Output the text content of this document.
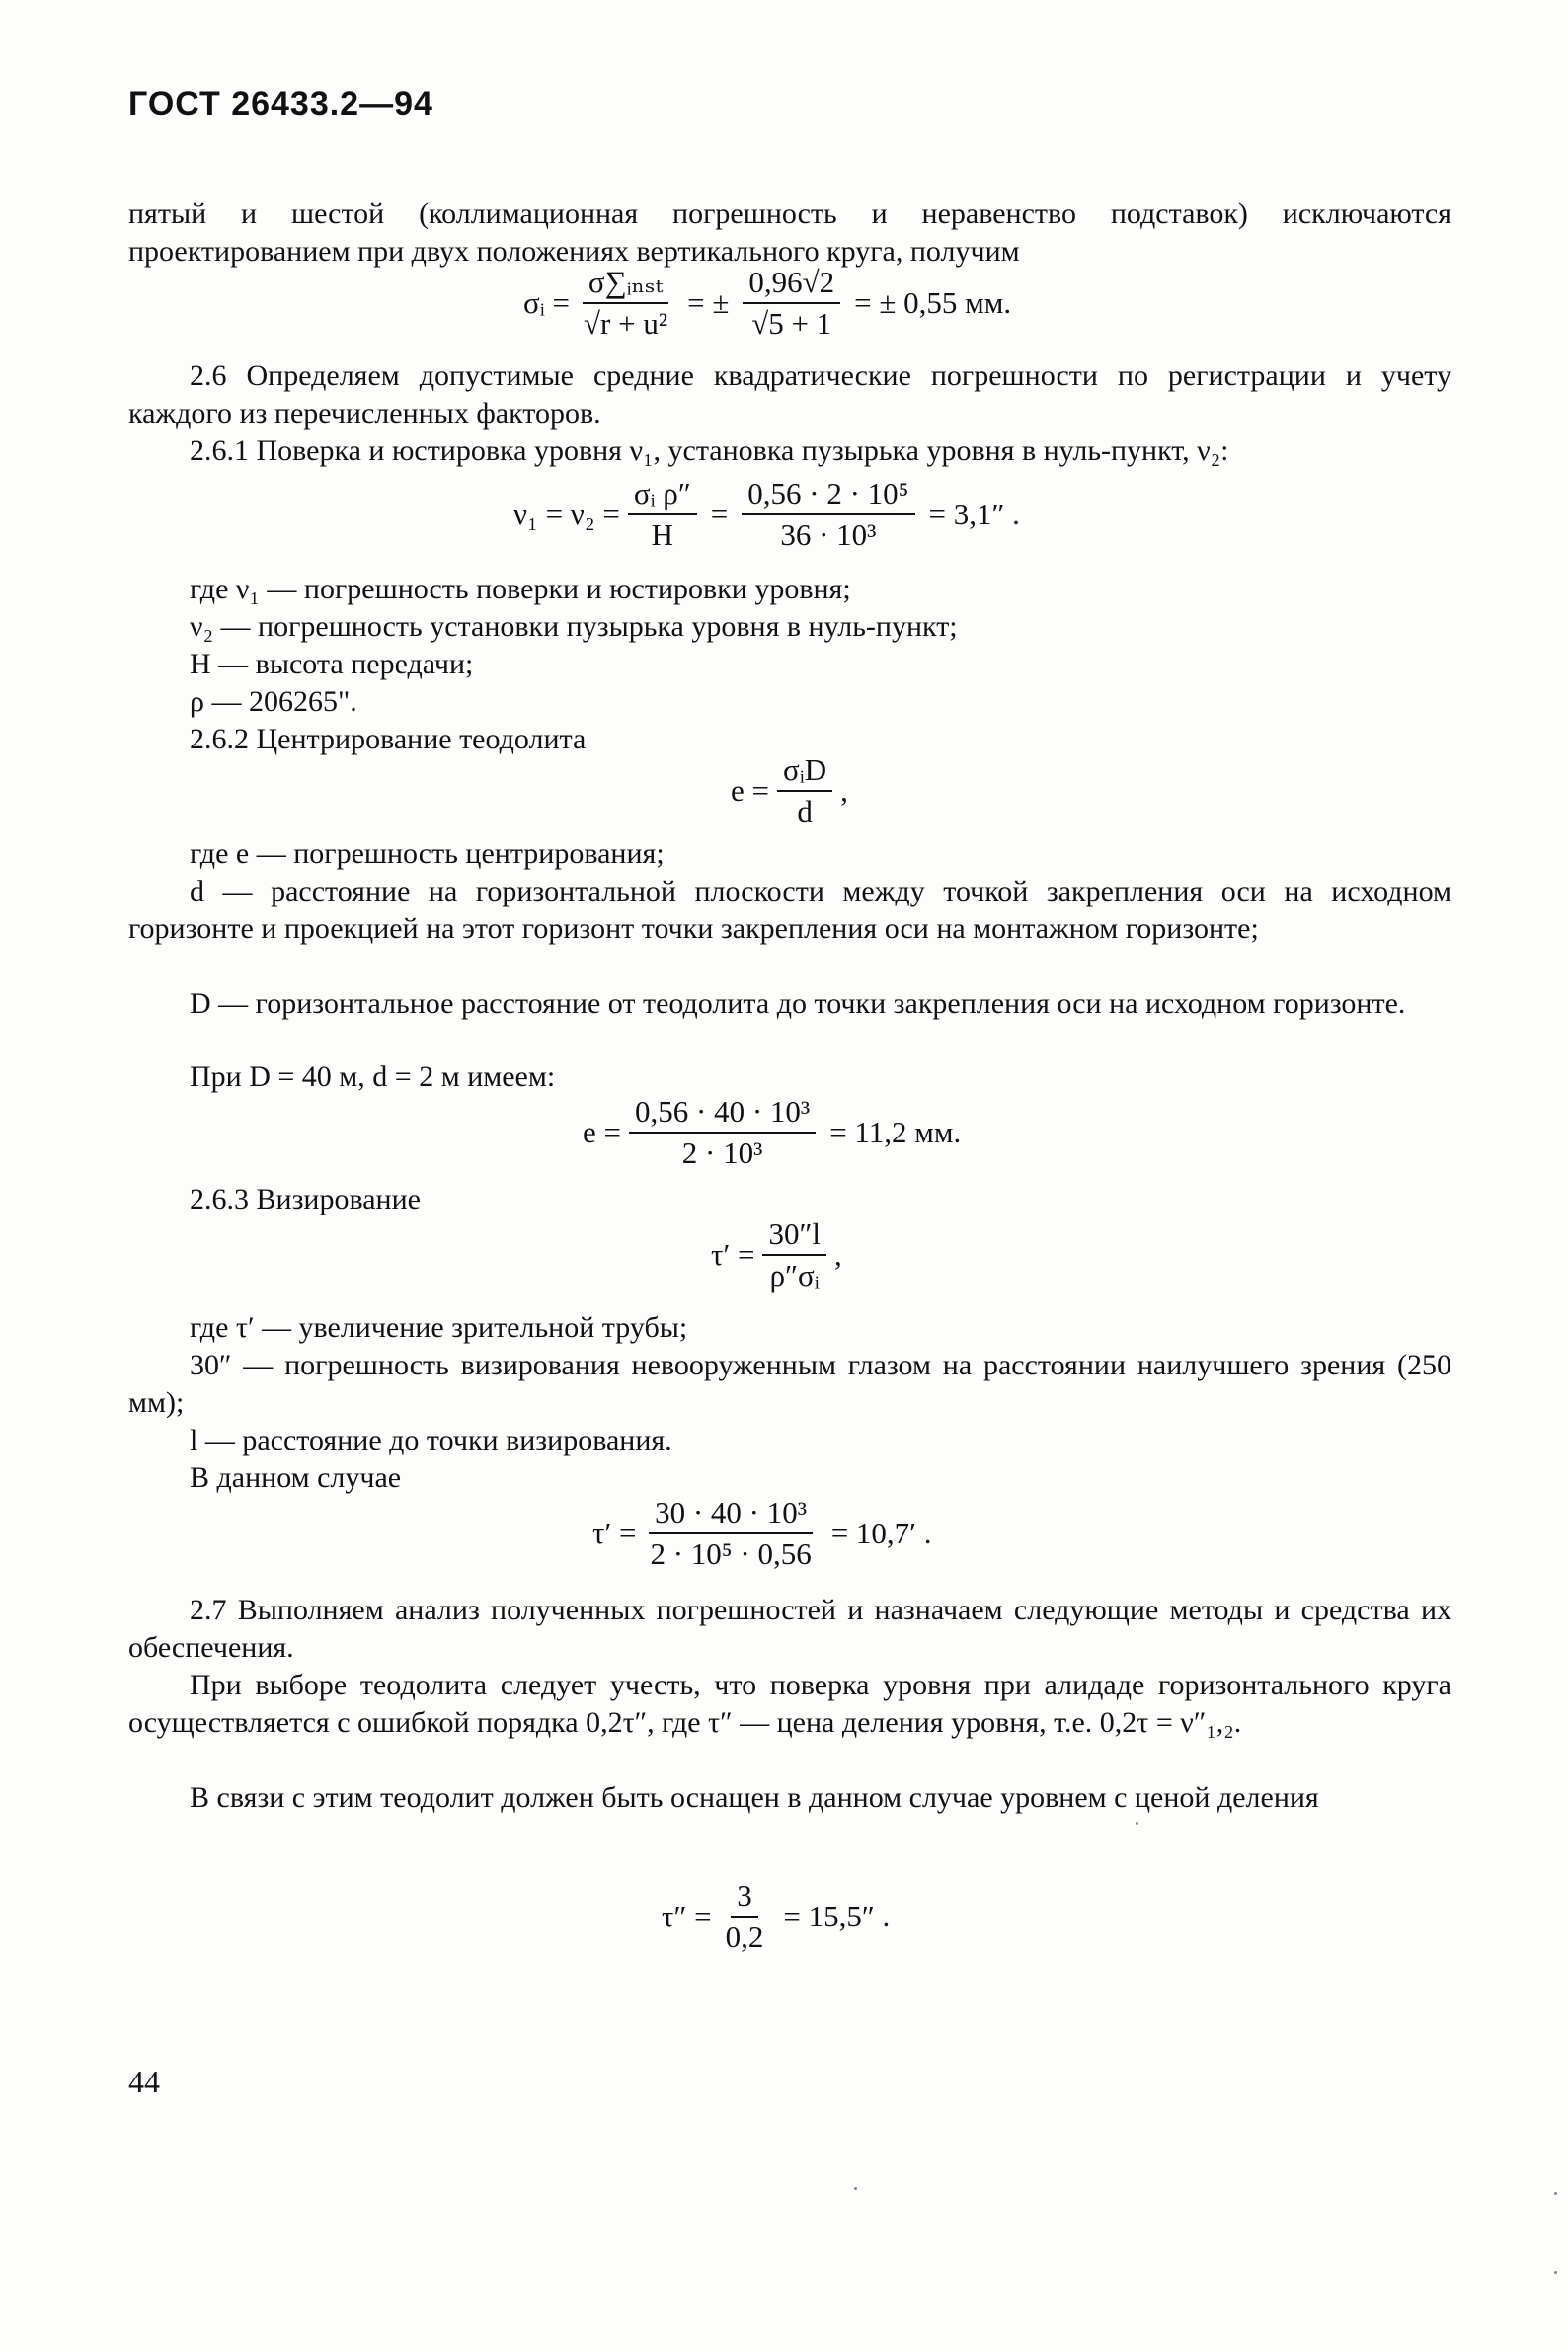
ГОСТ 26433.2—94
пятый и шестой (коллимационная погрешность и неравенство подставок) исключаются проектированием при двух положениях вертикального круга, получим
σᵢ = $\frac{\text{σ∑ᵢₙₛₜ}}{\text{√r + u²}}$ = ± $\frac{0,96√2}{√5 + 1}$ = ± 0,55 мм.
2.6 Определяем допустимые средние квадратические погрешности по регистрации и учету каждого из перечисленных факторов.
2.6.1 Поверка и юстировка уровня ν₁, установка пузырька уровня в нуль-пункт, ν₂:
$\nu_1 = \nu_2 = \frac{\text{σᵢ ρ″}}{H} = \frac{\text{0,56 · 2 · 10⁵}}{\text{36 · 10³}} = 3,1''$ .
где ν₁ — погрешность поверки и юстировки уровня;
ν₂ — погрешность установки пузырька уровня в нуль-пункт;
H — высота передачи;
ρ — 206265".
2.6.2 Центрирование теодолита
$e = \frac{\text{σᵢD}}{d}$ ,
где e — погрешность центрирования;
d — расстояние на горизонтальной плоскости между точкой закрепления оси на исходном горизонте и проекцией на этот горизонт точки закрепления оси на монтажном горизонте;
D — горизонтальное расстояние от теодолита до точки закрепления оси на исходном горизонте.
При D = 40 м, d = 2 м имеем:
$e = \frac{\text{0,56 · 40 · 10³}}{\text{2 · 10³}} = 11,2$ мм.
2.6.3 Визирование
$\tau' = \frac{30''l}{\text{ρ″σᵢ}}$ ,
где τ′ — увеличение зрительной трубы;
30″ — погрешность визирования невооруженным глазом на расстоянии наилучшего зрения (250 мм);
l — расстояние до точки визирования.
В данном случае
$\tau' = \frac{\text{30 · 40 · 10³}}{\text{2 · 10⁵ · 0,56}} = 10,7'$ .
2.7 Выполняем анализ полученных погрешностей и назначаем следующие методы и средства их обеспечения.
При выборе теодолита следует учесть, что поверка уровня при алидаде горизонтального круга осуществляется с ошибкой порядка 0,2τ″, где τ″ — цена деления уровня, т.е. 0,2τ = ν″₁,₂.
В связи с этим теодолит должен быть оснащен в данном случае уровнем с ценой деления
$\tau'' = \frac{3}{0,2} = 15,5''$ .
44
